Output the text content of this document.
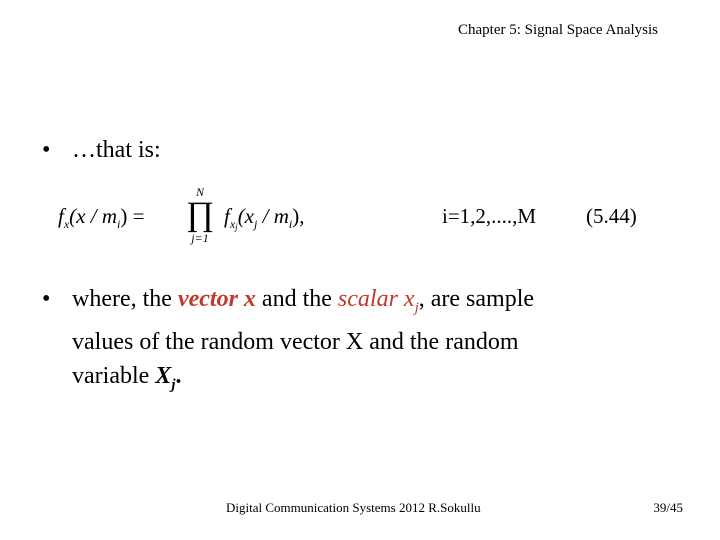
Chapter 5: Signal Space Analysis
• …that is:
$f_x(x / m_i)$ =
N
∏
j=1
$f_{xj}(x_j / m_i)$,	i=1,2,....,M (5.44)
• where, the vector x and the scalar $x_j$, are sample
values of the random vector X and the random
variable $X_j$.
Digital Communication Systems 2012 R.Sokullu	39/45
